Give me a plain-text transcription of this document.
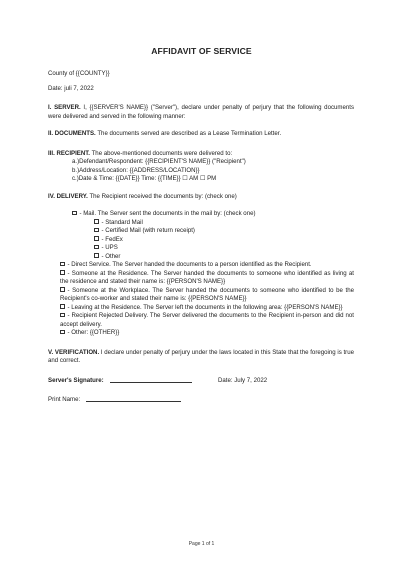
AFFIDAVIT OF SERVICE

County of {{COUNTY}}

Date: juli 7, 2022

I. SERVER. I, {{SERVER'S NAME}} ("Server"), declare under penalty of perjury that the following documents were delivered and served in the following manner:

II. DOCUMENTS. The documents served are described as a Lease Termination Letter.

III. RECIPIENT. The above-mentioned documents were delivered to:

a.)Defendant/Respondent: {{RECIPIENT'S NAME}} ("Recipient")

b.)Address/Location: {{ADDRESS/LOCATION}}

c.)Date & Time: {{DATE}} Time: {{TIME}} ☐ AM ☐ PM

IV. DELIVERY. The Recipient received the documents by: (check one)

- Mail. The Server sent the documents in the mail by: (check one)

- Standard Mail

- Certified Mail (with return receipt)

- FedEx

- UPS

- Other

- Direct Service. The Server handed the documents to a person identified as the Recipient.

- Someone at the Residence. The Server handed the documents to someone who identified as living at the residence and stated their name is: {{PERSON'S NAME}}

- Someone at the Workplace. The Server handed the documents to someone who identified to be the Recipient's co-worker and stated their name is: {{PERSON'S NAME}}

- Leaving at the Residence. The Server left the documents in the following area: {{PERSON'S NAME}}

- Recipient Rejected Delivery. The Server delivered the documents to the Recipient in-person and did not accept delivery.

- Other: {{OTHER}}

V. VERIFICATION. I declare under penalty of perjury under the laws located in this State that the foregoing is true and correct.

Server's Signature:	Date: July 7, 2022

Print Name:

Page 1 of 1
